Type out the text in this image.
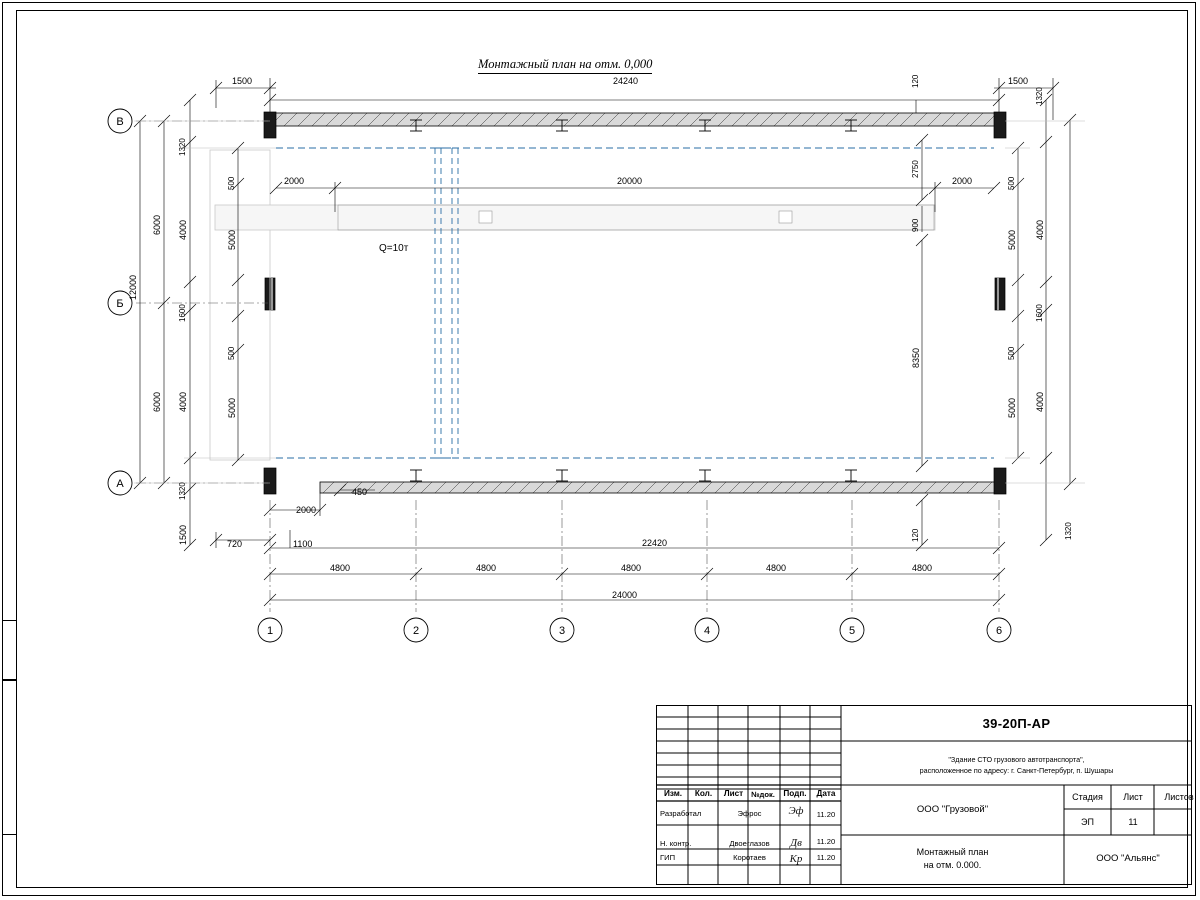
В
Б
А
1	2	3	4	5	6
Монтажный план на отм. 0,000
Q=10т
1500	24240	1500
120
2000	20000	2000
12000
6000
6000
1320
4000
1600
4000
1320
1500
500
5000
500
5000
500
5000
500
5000
1320
4000
1600
4000
1320
2750
900
8350
120
450
2000
720	1100	22420
4800	4800	4800	4800	4800
24000
Изм.	Кол.	Лист	№док.	Подп.	Дата
Разработал	Эфрос	Эф	11.20
Н. контр.	Двоеглазов	Дв	11.20
ГИП	Коротаев	Кр	11.20
39-20П-АР
"Здание СТО грузового автотранспорта",
расположенное по адресу: г. Санкт-Петербург, п. Шушары
ООО "Грузовой"
Монтажный план
на отм. 0.000.
Стадия	Лист	Листов
ЭП	11
ООО "Альянс"
